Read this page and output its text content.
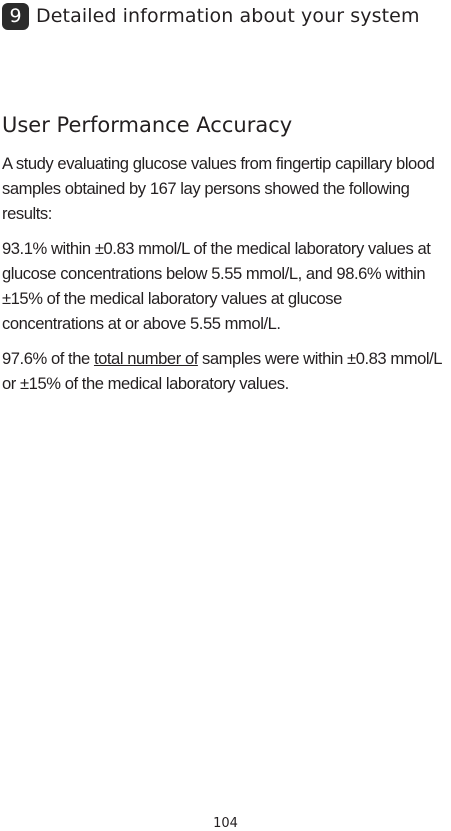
9 Detailed information about your system
User Performance Accuracy

A study evaluating glucose values from fingertip capillary blood samples obtained by 167 lay persons showed the following results:

93.1% within ±0.83 mmol/L of the medical laboratory values at glucose concentrations below 5.55 mmol/L, and 98.6% within ±15% of the medical laboratory values at glucose concentrations at or above 5.55 mmol/L.

97.6% of the total number of samples were within ±0.83 mmol/L or ±15% of the medical laboratory values.

104
